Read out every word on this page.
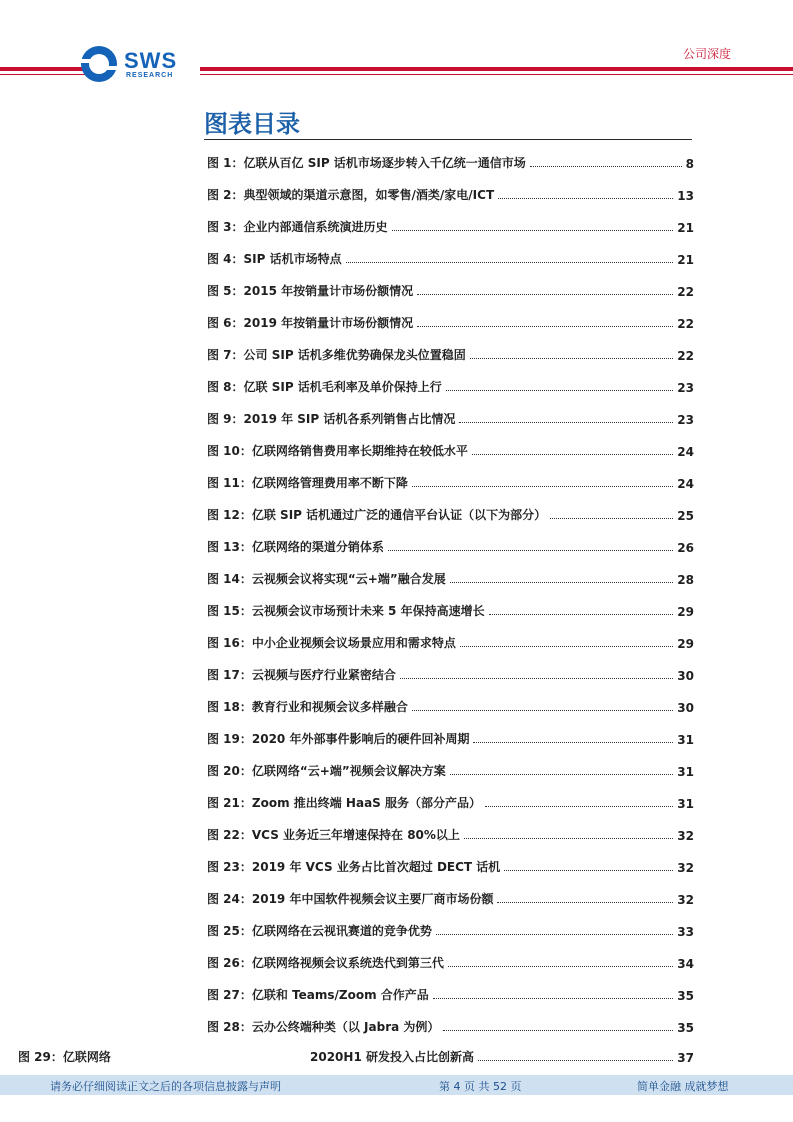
SWS
RESEARCH
公司深度
图表目录
图 1：亿联从百亿 SIP 话机市场逐步转入千亿统一通信市场	8
图 2：典型领域的渠道示意图，如零售/酒类/家电/ICT	13
图 3：企业内部通信系统演进历史	21
图 4：SIP 话机市场特点	21
图 5：2015 年按销量计市场份额情况	22
图 6：2019 年按销量计市场份额情况	22
图 7：公司 SIP 话机多维优势确保龙头位置稳固	22
图 8：亿联 SIP 话机毛利率及单价保持上行	23
图 9：2019 年 SIP 话机各系列销售占比情况	23
图 10：亿联网络销售费用率长期维持在较低水平	24
图 11：亿联网络管理费用率不断下降	24
图 12：亿联 SIP 话机通过广泛的通信平台认证（以下为部分）	25
图 13：亿联网络的渠道分销体系	26
图 14：云视频会议将实现“云+端”融合发展	28
图 15：云视频会议市场预计未来 5 年保持高速增长	29
图 16：中小企业视频会议场景应用和需求特点	29
图 17：云视频与医疗行业紧密结合	30
图 18：教育行业和视频会议多样融合	30
图 19：2020 年外部事件影响后的硬件回补周期	31
图 20：亿联网络“云+端”视频会议解决方案	31
图 21：Zoom 推出终端 HaaS 服务（部分产品）	31
图 22：VCS 业务近三年增速保持在 80%以上	32
图 23：2019 年 VCS 业务占比首次超过 DECT 话机	32
图 24：2019 年中国软件视频会议主要厂商市场份额	32
图 25：亿联网络在云视讯赛道的竞争优势	33
图 26：亿联网络视频会议系统迭代到第三代	34
图 27：亿联和 Teams/Zoom 合作产品	35
图 28：云办公终端种类（以 Jabra 为例）	35
图 29：亿联网络	2020H1 研发投入占比创新高	37
请务必仔细阅读正文之后的各项信息披露与声明	第 4 页 共 52 页	简单金融 成就梦想
